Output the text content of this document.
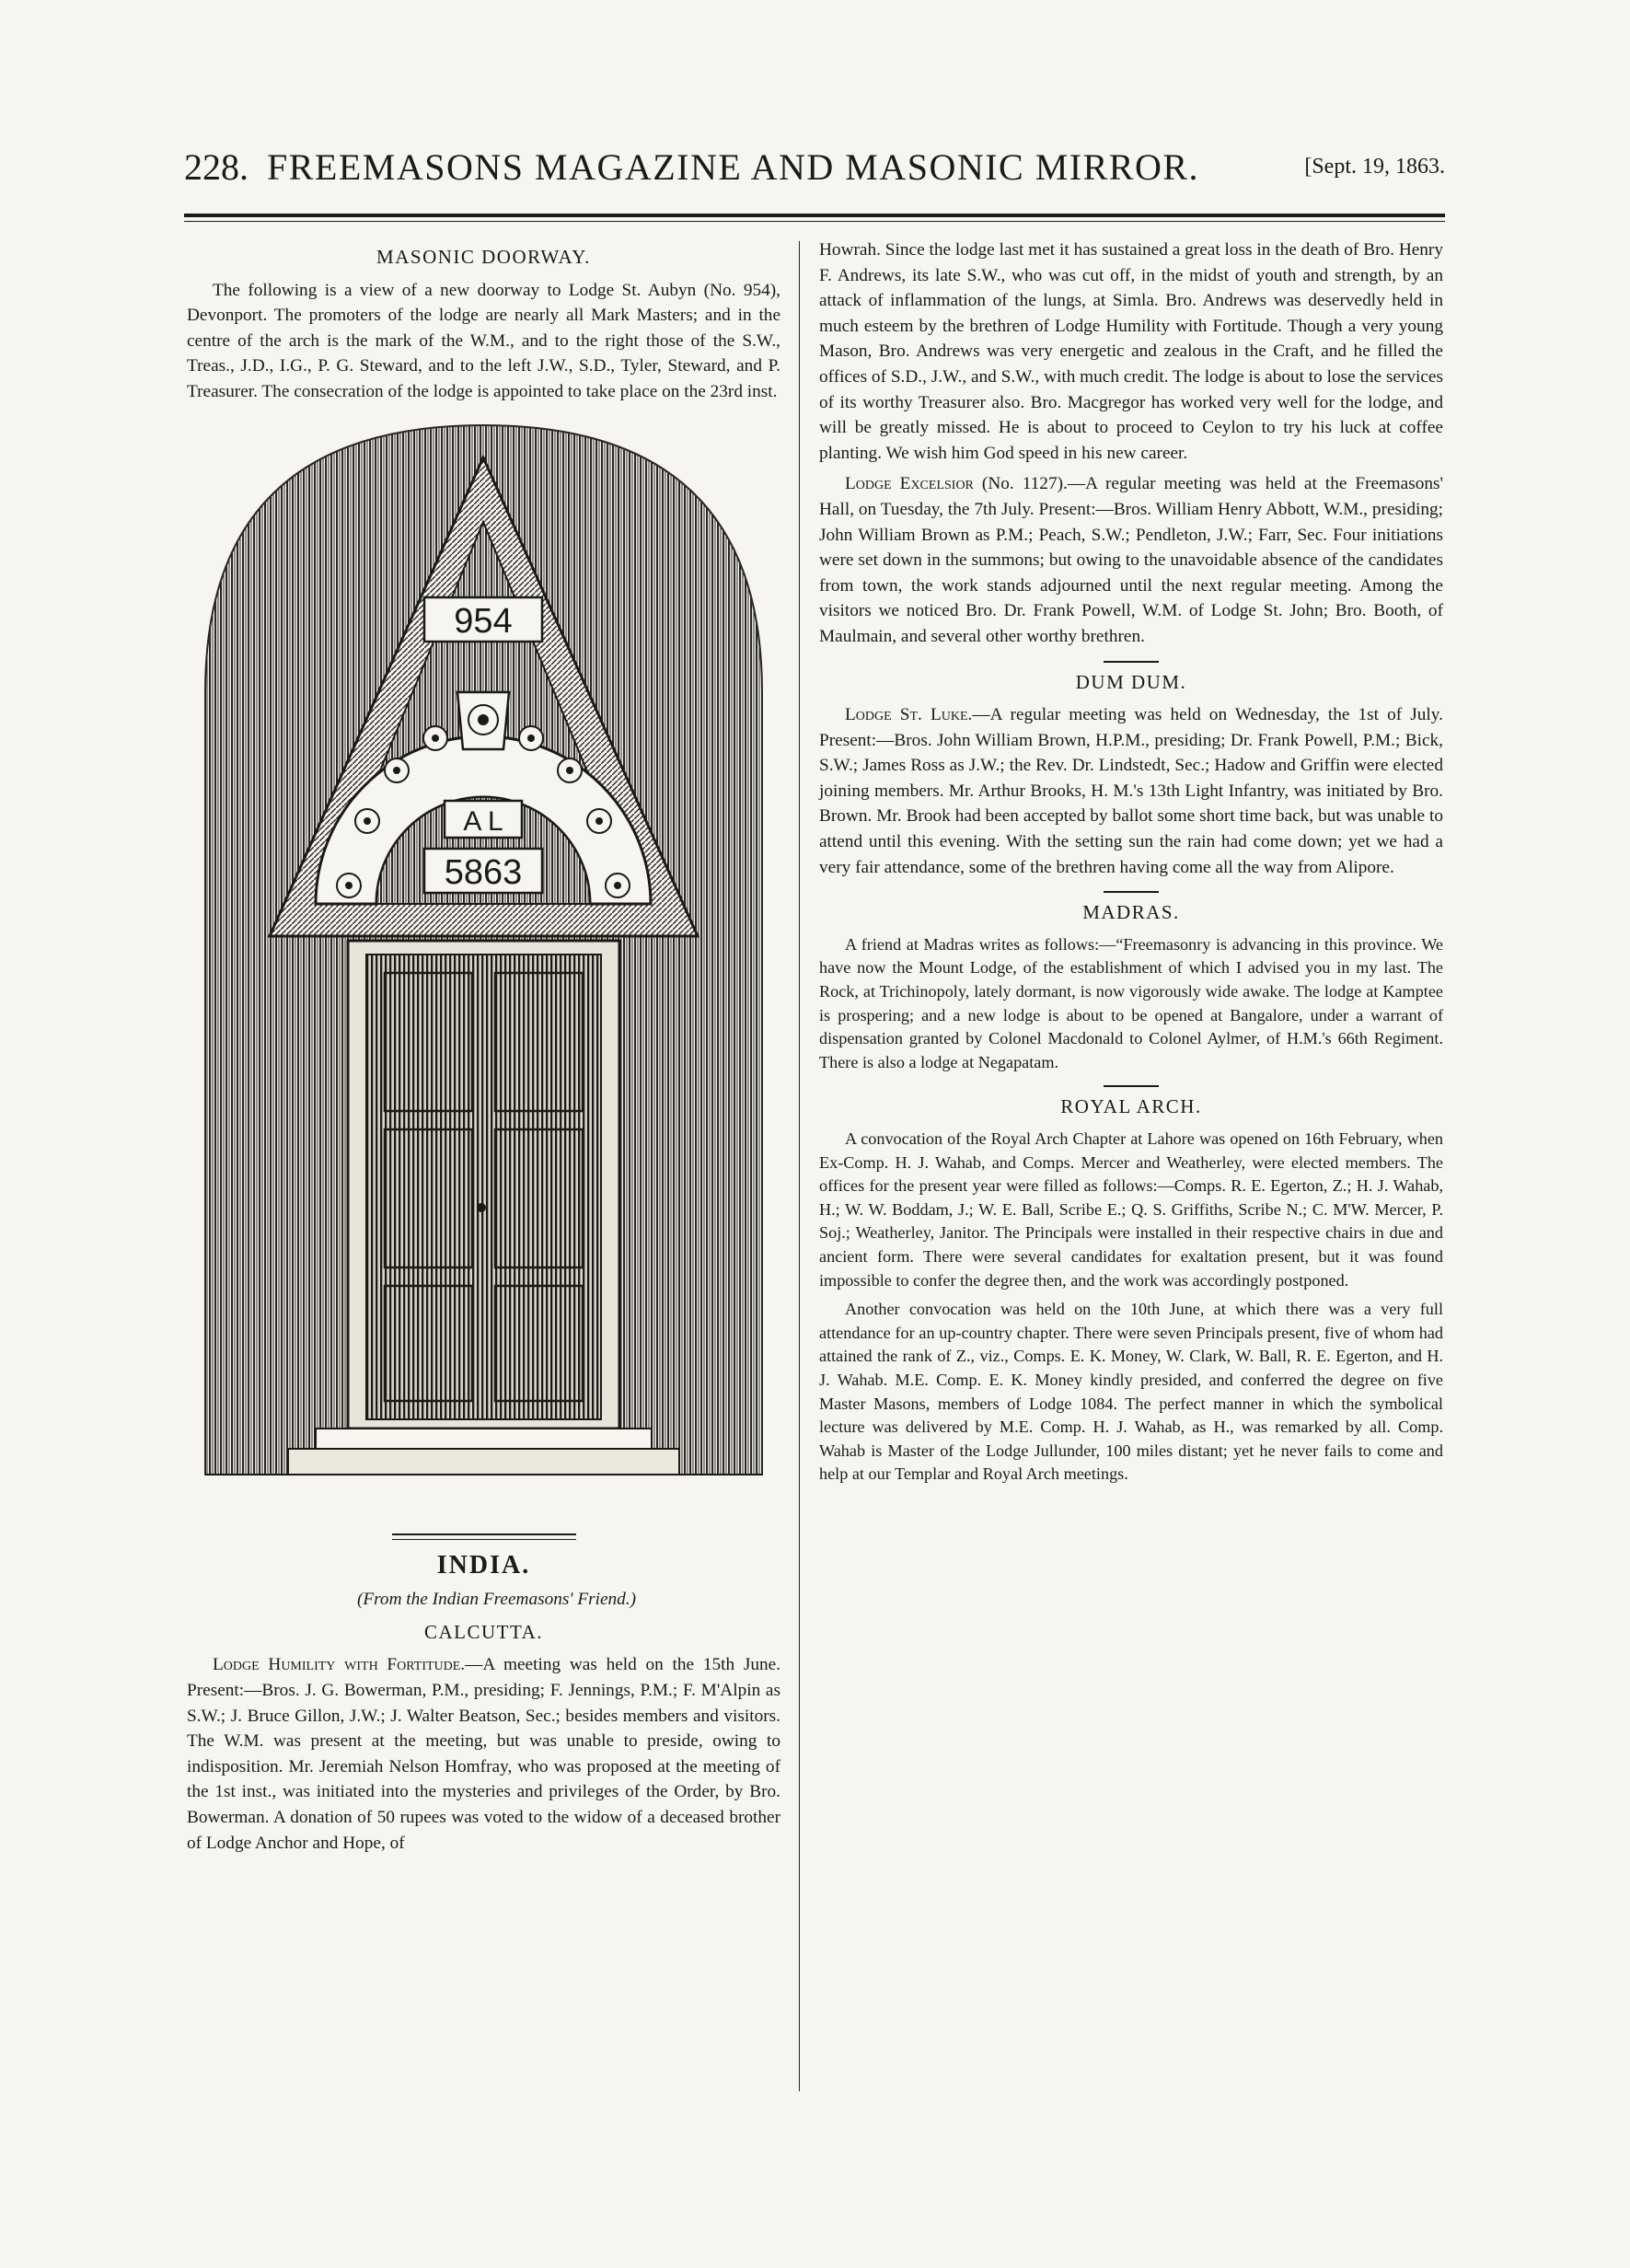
228. FREEMASONS MAGAZINE AND MASONIC MIRROR.	[Sept. 19, 1863.
MASONIC DOORWAY.

The following is a view of a new doorway to Lodge St. Aubyn (No. 954), Devonport. The promoters of the lodge are nearly all Mark Masters; and in the centre of the arch is the mark of the W.M., and to the right those of the S.W., Treas., J.D., I.G., P. G. Steward, and to the left J.W., S.D., Tyler, Steward, and P. Treasurer. The consecration of the lodge is appointed to take place on the 23rd inst.

954
A L
5863
INDIA.

(From the Indian Freemasons' Friend.)

CALCUTTA.

Lodge Humility with Fortitude.—A meeting was held on the 15th June. Present:—Bros. J. G. Bowerman, P.M., presiding; F. Jennings, P.M.; F. M'Alpin as S.W.; J. Bruce Gillon, J.W.; J. Walter Beatson, Sec.; besides members and visitors. The W.M. was present at the meeting, but was unable to preside, owing to indisposition. Mr. Jeremiah Nelson Homfray, who was proposed at the meeting of the 1st inst., was initiated into the mysteries and privileges of the Order, by Bro. Bowerman. A donation of 50 rupees was voted to the widow of a deceased brother of Lodge Anchor and Hope, of

Howrah. Since the lodge last met it has sustained a great loss in the death of Bro. Henry F. Andrews, its late S.W., who was cut off, in the midst of youth and strength, by an attack of inflammation of the lungs, at Simla. Bro. Andrews was deservedly held in much esteem by the brethren of Lodge Humility with Fortitude. Though a very young Mason, Bro. Andrews was very energetic and zealous in the Craft, and he filled the offices of S.D., J.W., and S.W., with much credit. The lodge is about to lose the services of its worthy Treasurer also. Bro. Macgregor has worked very well for the lodge, and will be greatly missed. He is about to proceed to Ceylon to try his luck at coffee planting. We wish him God speed in his new career.

Lodge Excelsior (No. 1127).—A regular meeting was held at the Freemasons' Hall, on Tuesday, the 7th July. Present:—Bros. William Henry Abbott, W.M., presiding; John William Brown as P.M.; Peach, S.W.; Pendleton, J.W.; Farr, Sec. Four initiations were set down in the summons; but owing to the unavoidable absence of the candidates from town, the work stands adjourned until the next regular meeting. Among the visitors we noticed Bro. Dr. Frank Powell, W.M. of Lodge St. John; Bro. Booth, of Maulmain, and several other worthy brethren.

DUM DUM.

Lodge St. Luke.—A regular meeting was held on Wednesday, the 1st of July. Present:—Bros. John William Brown, H.P.M., presiding; Dr. Frank Powell, P.M.; Bick, S.W.; James Ross as J.W.; the Rev. Dr. Lindstedt, Sec.; Hadow and Griffin were elected joining members. Mr. Arthur Brooks, H. M.'s 13th Light Infantry, was initiated by Bro. Brown. Mr. Brook had been accepted by ballot some short time back, but was unable to attend until this evening. With the setting sun the rain had come down; yet we had a very fair attendance, some of the brethren having come all the way from Alipore.

MADRAS.

A friend at Madras writes as follows:—“Freemasonry is advancing in this province. We have now the Mount Lodge, of the establishment of which I advised you in my last. The Rock, at Trichinopoly, lately dormant, is now vigorously wide awake. The lodge at Kamptee is prospering; and a new lodge is about to be opened at Bangalore, under a warrant of dispensation granted by Colonel Macdonald to Colonel Aylmer, of H.M.'s 66th Regiment. There is also a lodge at Negapatam.

ROYAL ARCH.

A convocation of the Royal Arch Chapter at Lahore was opened on 16th February, when Ex-Comp. H. J. Wahab, and Comps. Mercer and Weatherley, were elected members. The offices for the present year were filled as follows:—Comps. R. E. Egerton, Z.; H. J. Wahab, H.; W. W. Boddam, J.; W. E. Ball, Scribe E.; Q. S. Griffiths, Scribe N.; C. M'W. Mercer, P. Soj.; Weatherley, Janitor. The Principals were installed in their respective chairs in due and ancient form. There were several candidates for exaltation present, but it was found impossible to confer the degree then, and the work was accordingly postponed.

Another convocation was held on the 10th June, at which there was a very full attendance for an up-country chapter. There were seven Principals present, five of whom had attained the rank of Z., viz., Comps. E. K. Money, W. Clark, W. Ball, R. E. Egerton, and H. J. Wahab. M.E. Comp. E. K. Money kindly presided, and conferred the degree on five Master Masons, members of Lodge 1084. The perfect manner in which the symbolical lecture was delivered by M.E. Comp. H. J. Wahab, as H., was remarked by all. Comp. Wahab is Master of the Lodge Jullunder, 100 miles distant; yet he never fails to come and help at our Templar and Royal Arch meetings.
